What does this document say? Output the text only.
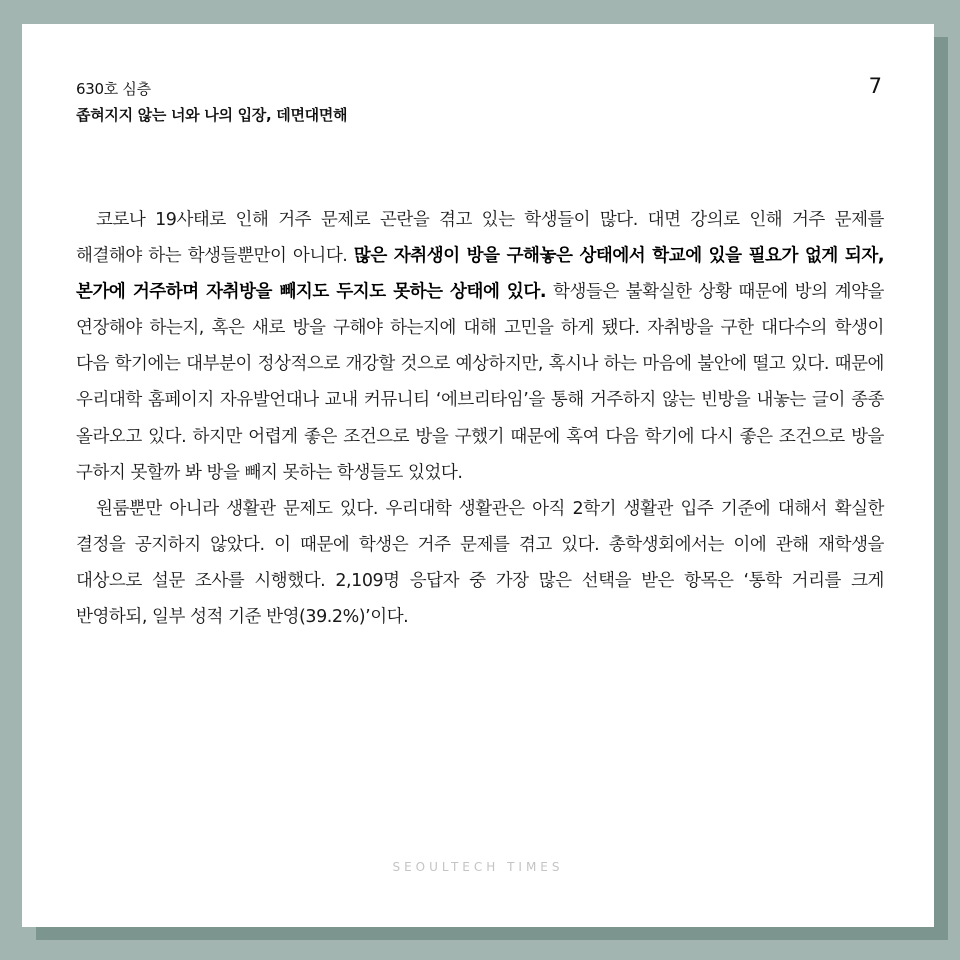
630호 심층
좁혀지지 않는 너와 나의 입장, 데면대면해
7

코로나 19사태로 인해 거주 문제로 곤란을 겪고 있는 학생들이 많다. 대면 강의로 인해 거주 문제를 해결해야 하는 학생들뿐만이 아니다. 많은 자취생이 방을 구해놓은 상태에서 학교에 있을 필요가 없게 되자, 본가에 거주하며 자취방을 빼지도 두지도 못하는 상태에 있다. 학생들은 불확실한 상황 때문에 방의 계약을 연장해야 하는지, 혹은 새로 방을 구해야 하는지에 대해 고민을 하게 됐다. 자취방을 구한 대다수의 학생이 다음 학기에는 대부분이 정상적으로 개강할 것으로 예상하지만, 혹시나 하는 마음에 불안에 떨고 있다. 때문에 우리대학 홈페이지 자유발언대나 교내 커뮤니티 ‘에브리타임’을 통해 거주하지 않는 빈방을 내놓는 글이 종종 올라오고 있다. 하지만 어렵게 좋은 조건으로 방을 구했기 때문에 혹여 다음 학기에 다시 좋은 조건으로 방을 구하지 못할까 봐 방을 빼지 못하는 학생들도 있었다.

원룸뿐만 아니라 생활관 문제도 있다. 우리대학 생활관은 아직 2학기 생활관 입주 기준에 대해서 확실한 결정을 공지하지 않았다. 이 때문에 학생은 거주 문제를 겪고 있다. 총학생회에서는 이에 관해 재학생을 대상으로 설문 조사를 시행했다. 2,109명 응답자 중 가장 많은 선택을 받은 항목은 ‘통학 거리를 크게 반영하되, 일부 성적 기준 반영(39.2%)’이다.

SEOULTECH TIMES
